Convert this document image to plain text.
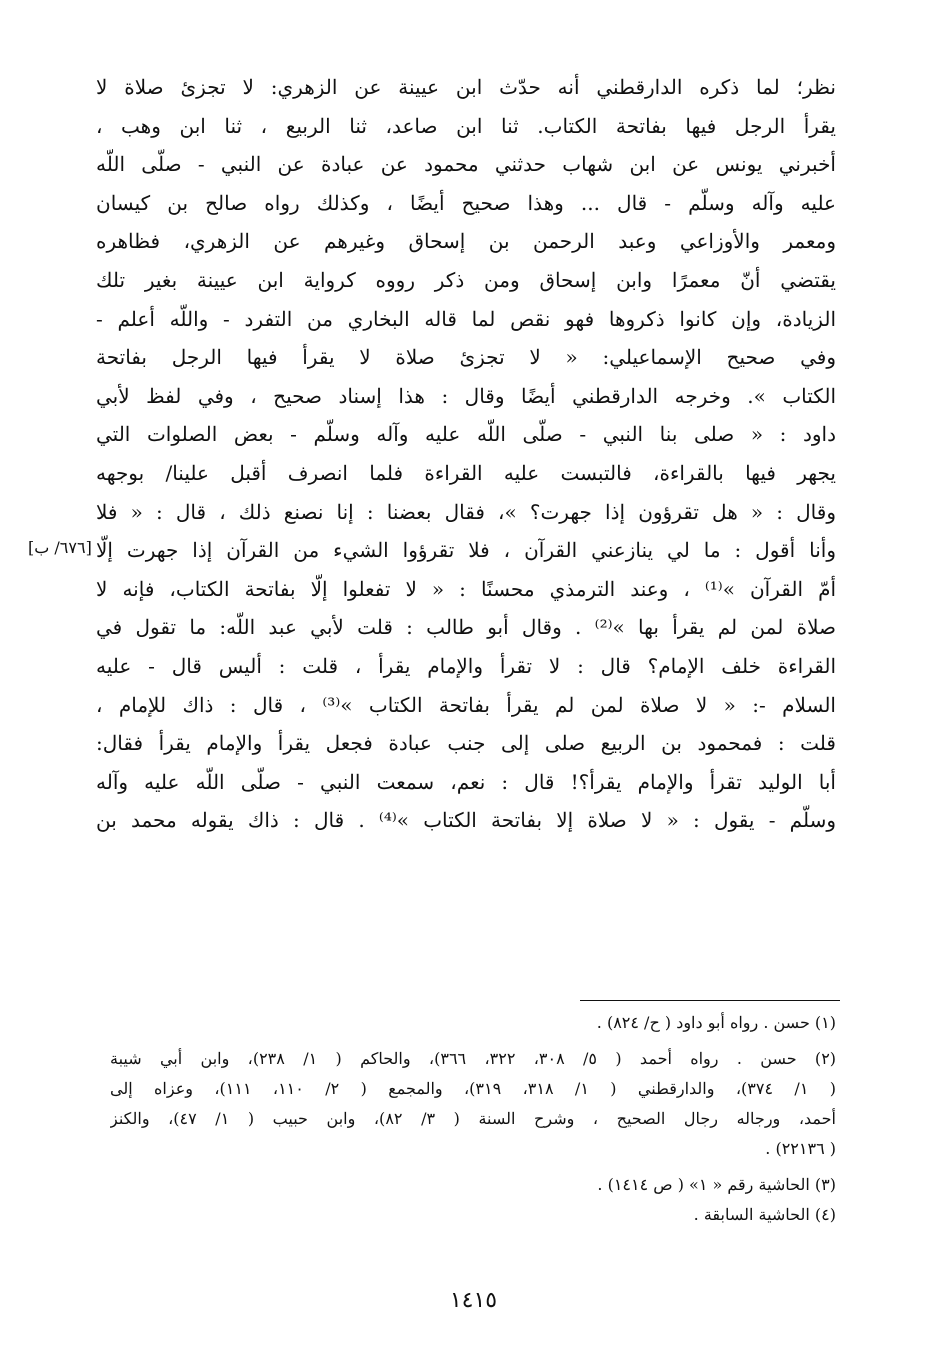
[٦٧٦/ ب]
نظر؛ لما ذكره الدارقطني أنه حدّث ابن عيينة عن الزهري: لا تجزئ صلاة لا
يقرأ الرجل فيها بفاتحة الكتاب. ثنا ابن صاعد، ثنا الربيع ، ثنا ابن وهب ،
أخبرني يونس عن ابن شهاب حدثني محمود عن عبادة عن النبي - صلّى اللّه
عليه وآله وسلّم - قال ... وهذا صحيح أيضًا ، وكذلك رواه صالح بن كيسان
ومعمر والأوزاعي وعبد الرحمن بن إسحاق وغيرهم عن الزهري، فظاهره
يقتضي أنّ معمرًا وابن إسحاق ومن ذكر رووه كرواية ابن عيينة بغير تلك
الزيادة، وإن كانوا ذكروها فهو نقص لما قاله البخاري من التفرد - واللّه أعلم -
وفي صحيح الإسماعيلي: « لا تجزئ صلاة لا يقرأ فيها الرجل بفاتحة
الكتاب ». وخرجه الدارقطني أيضًا وقال : هذا إسناد صحيح ، وفي لفظ لأبي
داود : « صلى بنا النبي - صلّى اللّه عليه وآله وسلّم - بعض الصلوات التي
يجهر فيها بالقراءة، فالتبست عليه القراءة فلما انصرف أقبل علينا/ بوجهه
وقال : « هل تقرؤون إذا جهرت؟ »، فقال بعضنا : إنا نصنع ذلك ، قال : « فلا
وأنا أقول : ما لي ينازعني القرآن ، فلا تقرؤوا الشيء من القرآن إذا جهرت إلّا
أمّ القرآن »⁽¹⁾ ، وعند الترمذي محسنًا : « لا تفعلوا إلّا بفاتحة الكتاب، فإنه لا
صلاة لمن لم يقرأ بها »⁽²⁾ . وقال أبو طالب : قلت لأبي عبد اللّه: ما تقول في
القراءة خلف الإمام؟ قال : لا تقرأ والإمام يقرأ ، قلت : أليس قال - عليه
السلام -: « لا صلاة لمن لم يقرأ بفاتحة الكتاب »⁽³⁾ ، قال : ذاك للإمام ،
قلت : فمحمود بن الربيع صلى إلى جنب عبادة فجعل يقرأ والإمام يقرأ فقال:
أبا الوليد تقرأ والإمام يقرأ؟! قال : نعم، سمعت النبي - صلّى اللّه عليه وآله
وسلّم - يقول : « لا صلاة إلا بفاتحة الكتاب »⁽⁴⁾ . قال : ذاك يقوله محمد بن
(١) حسن . رواه أبو داود ( ح/ ٨٢٤) .
(٢) حسن . رواه أحمد ( ٥/ ٣٠٨، ٣٢٢، ٣٦٦)، والحاكم ( ١/ ٢٣٨)، وابن أبي شيبة
( ١/ ٣٧٤)، والدارقطني ( ١/ ٣١٨، ٣١٩)، والمجمع ( ٢/ ١١٠، ١١١)، وعزاه إلى
أحمد، ورجاله رجال الصحيح ، وشرح السنة ( ٣/ ٨٢)، وابن حبيب ( ١/ ٤٧)، والكنز
( ٢٢١٣٦) .
(٣) الحاشية رقم « ١» ( ص ١٤١٤) .
(٤) الحاشية السابقة .
١٤١٥
